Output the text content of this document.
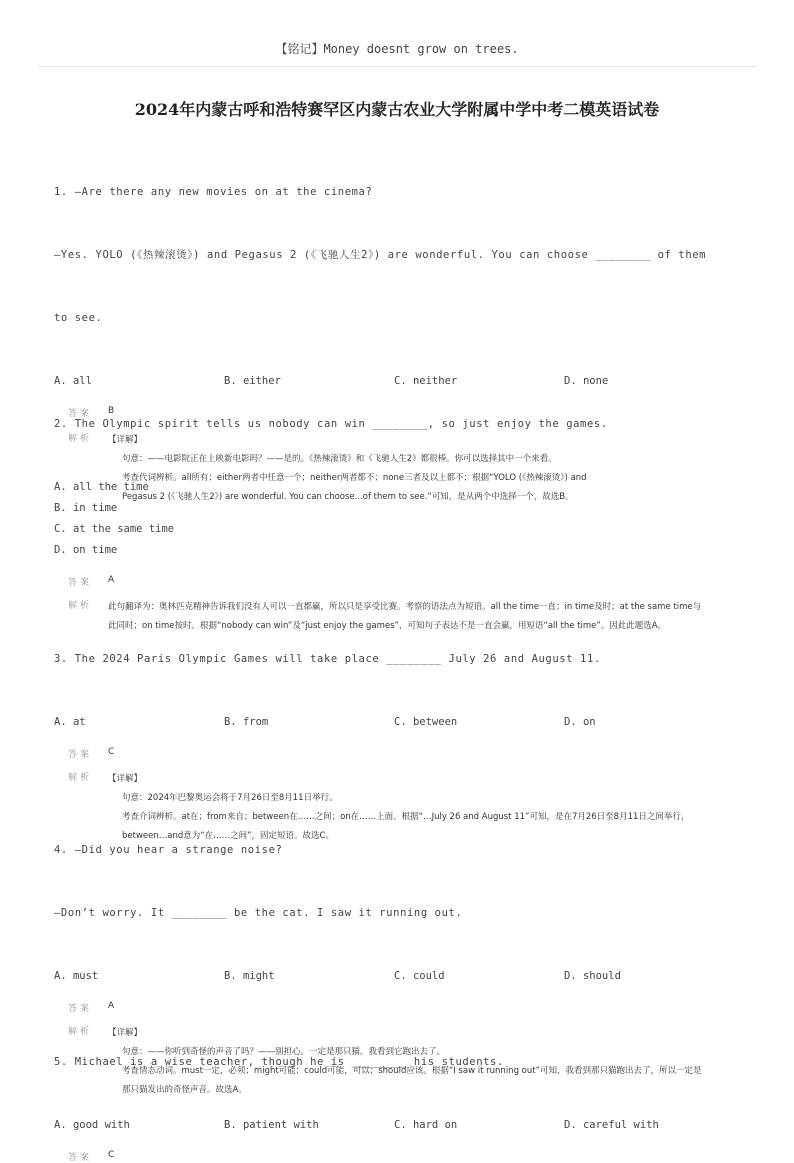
【铭记】Money doesnt grow on trees.
2024年内蒙古呼和浩特赛罕区内蒙古农业大学附属中学中考二模英语试卷

1. —Are there any new movies on at the cinema?

—Yes. YOLO (《热辣滚烫》) and Pegasus 2 (《飞驰人生2》) are wonderful. You can choose ________ of them

to see.

A. all	B. either	C. neither	D. none
答案	B
解析	【详解】
句意：——电影院正在上映新电影吗？——是的。《热辣滚烫》和《飞驰人生2》都很棒。你可以选择其中一个来看。
考查代词辨析。all所有；either两者中任意一个；neither两者都不；none三者及以上都不；根据“YOLO (《热辣滚烫》) and
Pegasus 2 (《飞驰人生2》) are wonderful. You can choose...of them to see.”可知，是从两个中选择一个，故选B。

2. The Olympic spirit tells us nobody can win ________, so just enjoy the games.

A. all the time
B. in time
C. at the same time
D. on time
答案	A
解析	此句翻译为：奥林匹克精神告诉我们没有人可以一直都赢，所以只是享受比赛。考察的语法点为短语。all the time一直；in time及时；at the same time与此同时；on time按时。根据“nobody can win”及“just enjoy the games”，可知句子表达不是一直会赢，用短语“all the time”。因此此题选A。

3. The 2024 Paris Olympic Games will take place ________ July 26 and August 11.

A. at	B. from	C. between	D. on
答案	C
解析	【详解】
句意：2024年巴黎奥运会将于7月26日至8月11日举行。
考查介词辨析。at在；from来自；between在……之间；on在……上面。根据“…July 26 and August 11”可知，是在7月26日至8月11日之间举行，between…and意为“在……之间”，固定短语。故选C。

4. —Did you hear a strange noise?

—Don’t worry. It ________ be the cat. I saw it running out.

A. must	B. might	C. could	D. should
答案	A
解析	【详解】
句意：——你听到奇怪的声音了吗？——别担心。一定是那只猫。我看到它跑出去了。
考查情态动词。must一定，必须；might可能；could可能，可以；should应该。根据“I saw it running out”可知，我看到那只猫跑出去了，所以一定是那只猫发出的奇怪声音。故选A。

5. Michael is a wise teacher, though he is ________ his students.

A. good with	B. patient with	C. hard on	D. careful with
答案	C
